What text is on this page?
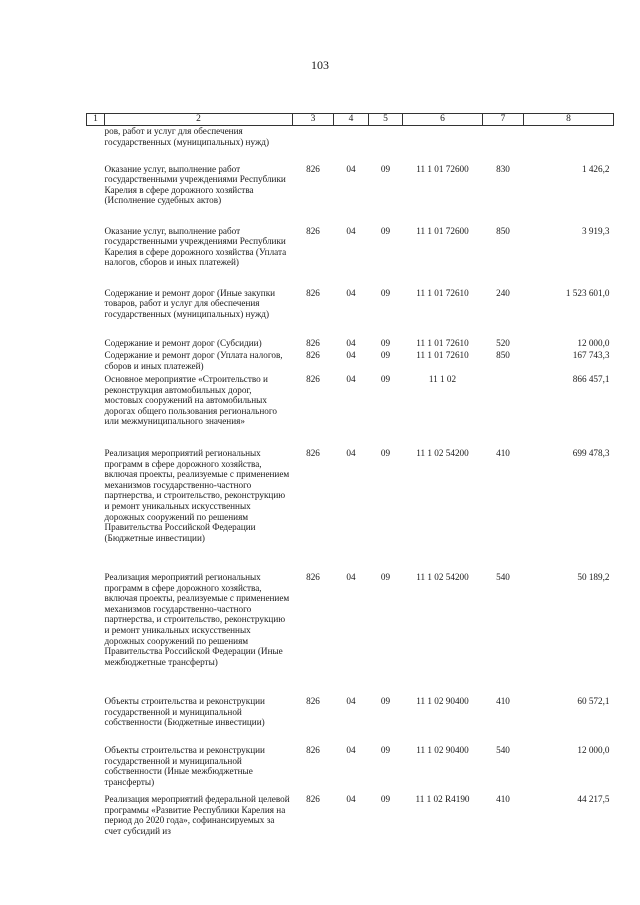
103
1	2	3	4	5	6	7	8

	ров, работ и услуг для обеспечения государственных (муниципальных) нужд)						

	Оказание услуг, выполнение работ государственными учреждениями Республики Карелия в сфере дорожного хозяйства (Исполнение судебных актов)	826	04	09	11 1 01 72600	830	1 426,2

	Оказание услуг, выполнение работ государственными учреждениями Республики Карелия в сфере дорожного хозяйства (Уплата налогов, сборов и иных платежей)	826	04	09	11 1 01 72600	850	3 919,3

	Содержание и ремонт дорог (Иные закупки товаров, работ и услуг для обеспечения государственных (муниципальных) нужд)	826	04	09	11 1 01 72610	240	1 523 601,0

	Содержание и ремонт дорог (Субсидии)	826	04	09	11 1 01 72610	520	12 000,0

	Содержание и ремонт дорог (Уплата налогов, сборов и иных платежей)	826	04	09	11 1 01 72610	850	167 743,3

	Основное мероприятие «Строительство и реконструкция автомобильных дорог, мостовых сооружений на автомобильных дорогах общего пользования регионального или межмуниципального значения»	826	04	09	11 1 02		866 457,1

	Реализация мероприятий региональных программ в сфере дорожного хозяйства, включая проекты, реализуемые с применением механизмов государственно-частного партнерства, и строительство, реконструкцию и ремонт уникальных искусственных дорожных сооружений по решениям Правительства Российской Федерации (Бюджетные инвестиции)	826	04	09	11 1 02 54200	410	699 478,3

	Реализация мероприятий региональных программ в сфере дорожного хозяйства, включая проекты, реализуемые с применением механизмов государственно-частного партнерства, и строительство, реконструкцию и ремонт уникальных искусственных дорожных сооружений по решениям Правительства Российской Федерации (Иные межбюджетные трансферты)	826	04	09	11 1 02 54200	540	50 189,2

	Объекты строительства и реконструкции государственной и муниципальной собственности (Бюджетные инвестиции)	826	04	09	11 1 02 90400	410	60 572,1

	Объекты строительства и реконструкции государственной и муниципальной собственности (Иные межбюджетные трансферты)	826	04	09	11 1 02 90400	540	12 000,0

	Реализация мероприятий федеральной целевой программы «Развитие Республики Карелия на период до 2020 года», софинансируемых за счет субсидий из	826	04	09	11 1 02 R4190	410	44 217,5
